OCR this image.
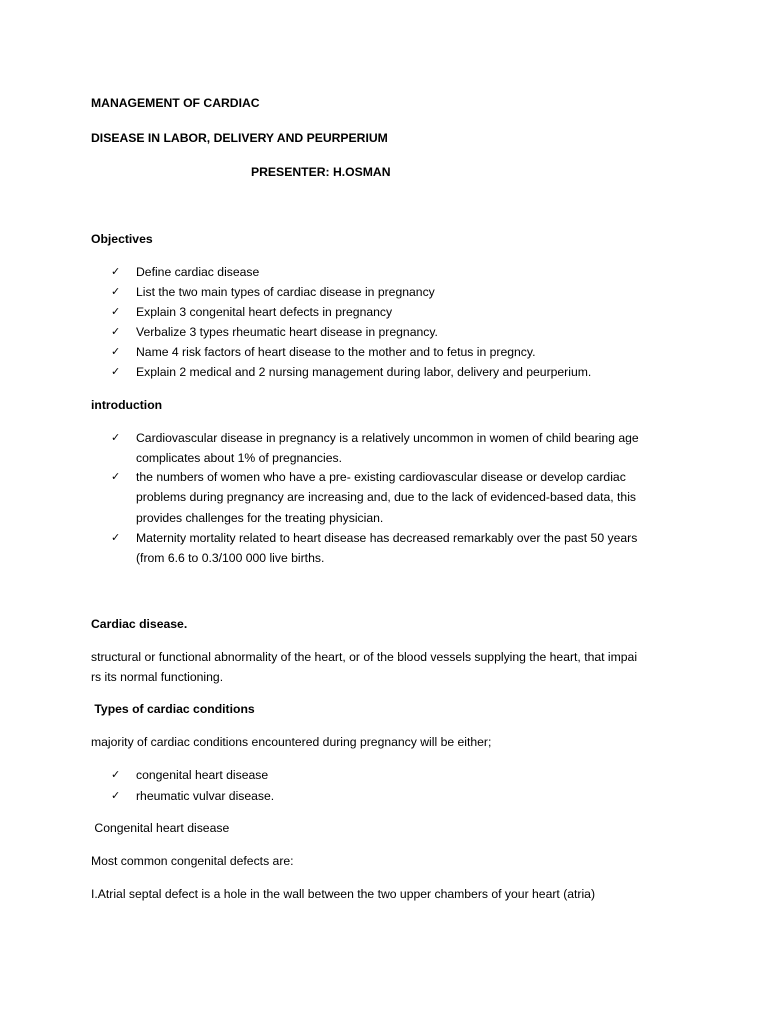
MANAGEMENT OF CARDIAC
DISEASE IN LABOR, DELIVERY AND PEURPERIUM
PRESENTER: H.OSMAN
Objectives
✓	Define cardiac disease
✓	List the two main types of cardiac disease in pregnancy
✓	Explain 3 congenital heart defects in pregnancy
✓	Verbalize 3 types rheumatic heart disease in pregnancy.
✓	Name 4 risk factors of heart disease to the mother and to fetus in pregncy.
✓	Explain 2 medical and 2 nursing management during labor, delivery and peurperium.
introduction
✓	Cardiovascular disease in pregnancy is a relatively uncommon in women of child bearing age
complicates about 1% of pregnancies.
✓	the numbers of women who have a pre- existing cardiovascular disease or develop cardiac
problems during pregnancy are increasing and, due to the lack of evidenced-based data, this
provides challenges for the treating physician.
✓	Maternity mortality related to heart disease has decreased remarkably over the past 50 years
(from 6.6 to 0.3/100 000 live births.
Cardiac disease.
structural or functional abnormality of the heart, or of the blood vessels supplying the heart, that impai
rs its normal functioning.
Types of cardiac conditions
majority of cardiac conditions encountered during pregnancy will be either;
✓	congenital heart disease
✓	rheumatic vulvar disease.
Congenital heart disease
Most common congenital defects are:
I.Atrial septal defect is a hole in the wall between the two upper chambers of your heart (atria)
